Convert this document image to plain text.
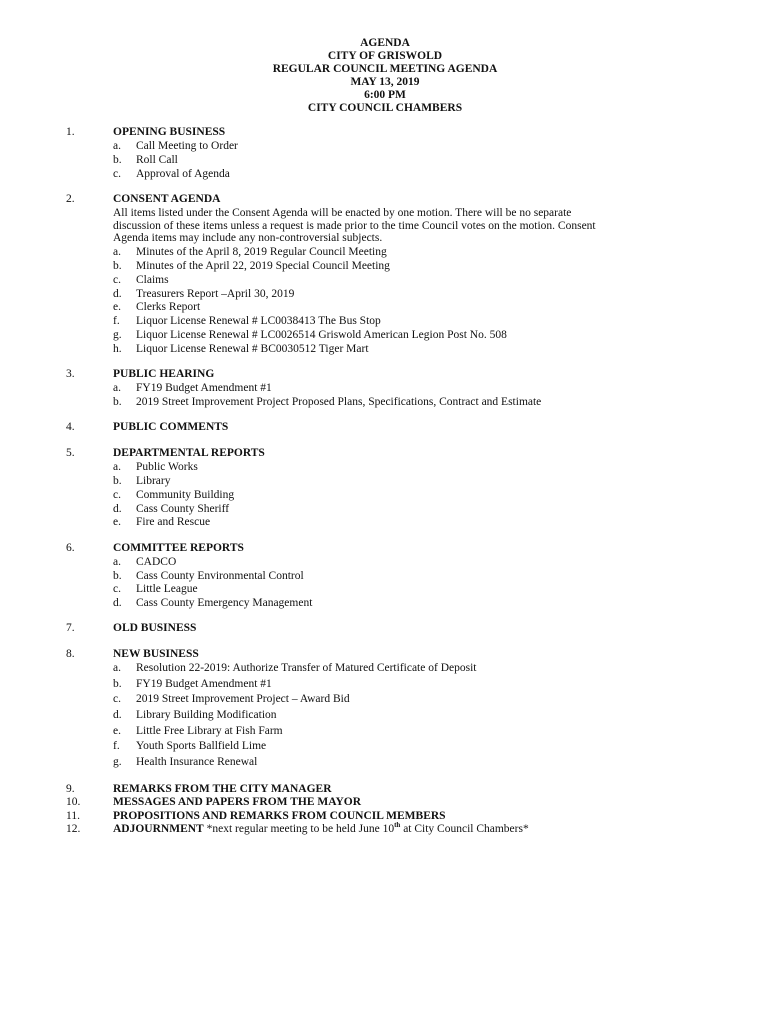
AGENDA
CITY OF GRISWOLD
REGULAR COUNCIL MEETING AGENDA
MAY 13, 2019
6:00 PM
CITY COUNCIL CHAMBERS
1.	OPENING BUSINESS
a. Call Meeting to Order
b. Roll Call
c. Approval of Agenda
2.	CONSENT AGENDA
All items listed under the Consent Agenda will be enacted by one motion. There will be no separate
discussion of these items unless a request is made prior to the time Council votes on the motion. Consent
Agenda items may include any non-controversial subjects.
a. Minutes of the April 8, 2019 Regular Council Meeting
b. Minutes of the April 22, 2019 Special Council Meeting
c. Claims
d. Treasurers Report –April 30, 2019
e. Clerks Report
f. Liquor License Renewal # LC0038413 The Bus Stop
g. Liquor License Renewal # LC0026514 Griswold American Legion Post No. 508
h. Liquor License Renewal # BC0030512 Tiger Mart
3.	PUBLIC HEARING
a. FY19 Budget Amendment #1
b. 2019 Street Improvement Project Proposed Plans, Specifications, Contract and Estimate
4.	PUBLIC COMMENTS
5.	DEPARTMENTAL REPORTS
a. Public Works
b. Library
c. Community Building
d. Cass County Sheriff
e. Fire and Rescue
6.	COMMITTEE REPORTS
a. CADCO
b. Cass County Environmental Control
c. Little League
d. Cass County Emergency Management
7.	OLD BUSINESS
8.	NEW BUSINESS
a. Resolution 22-2019: Authorize Transfer of Matured Certificate of Deposit
b. FY19 Budget Amendment #1
c. 2019 Street Improvement Project – Award Bid
d. Library Building Modification
e. Little Free Library at Fish Farm
f. Youth Sports Ballfield Lime
g. Health Insurance Renewal
9.	REMARKS FROM THE CITY MANAGER
10.	MESSAGES AND PAPERS FROM THE MAYOR
11.	PROPOSITIONS AND REMARKS FROM COUNCIL MEMBERS
12.	ADJOURNMENT *next regular meeting to be held June 10th at City Council Chambers*
